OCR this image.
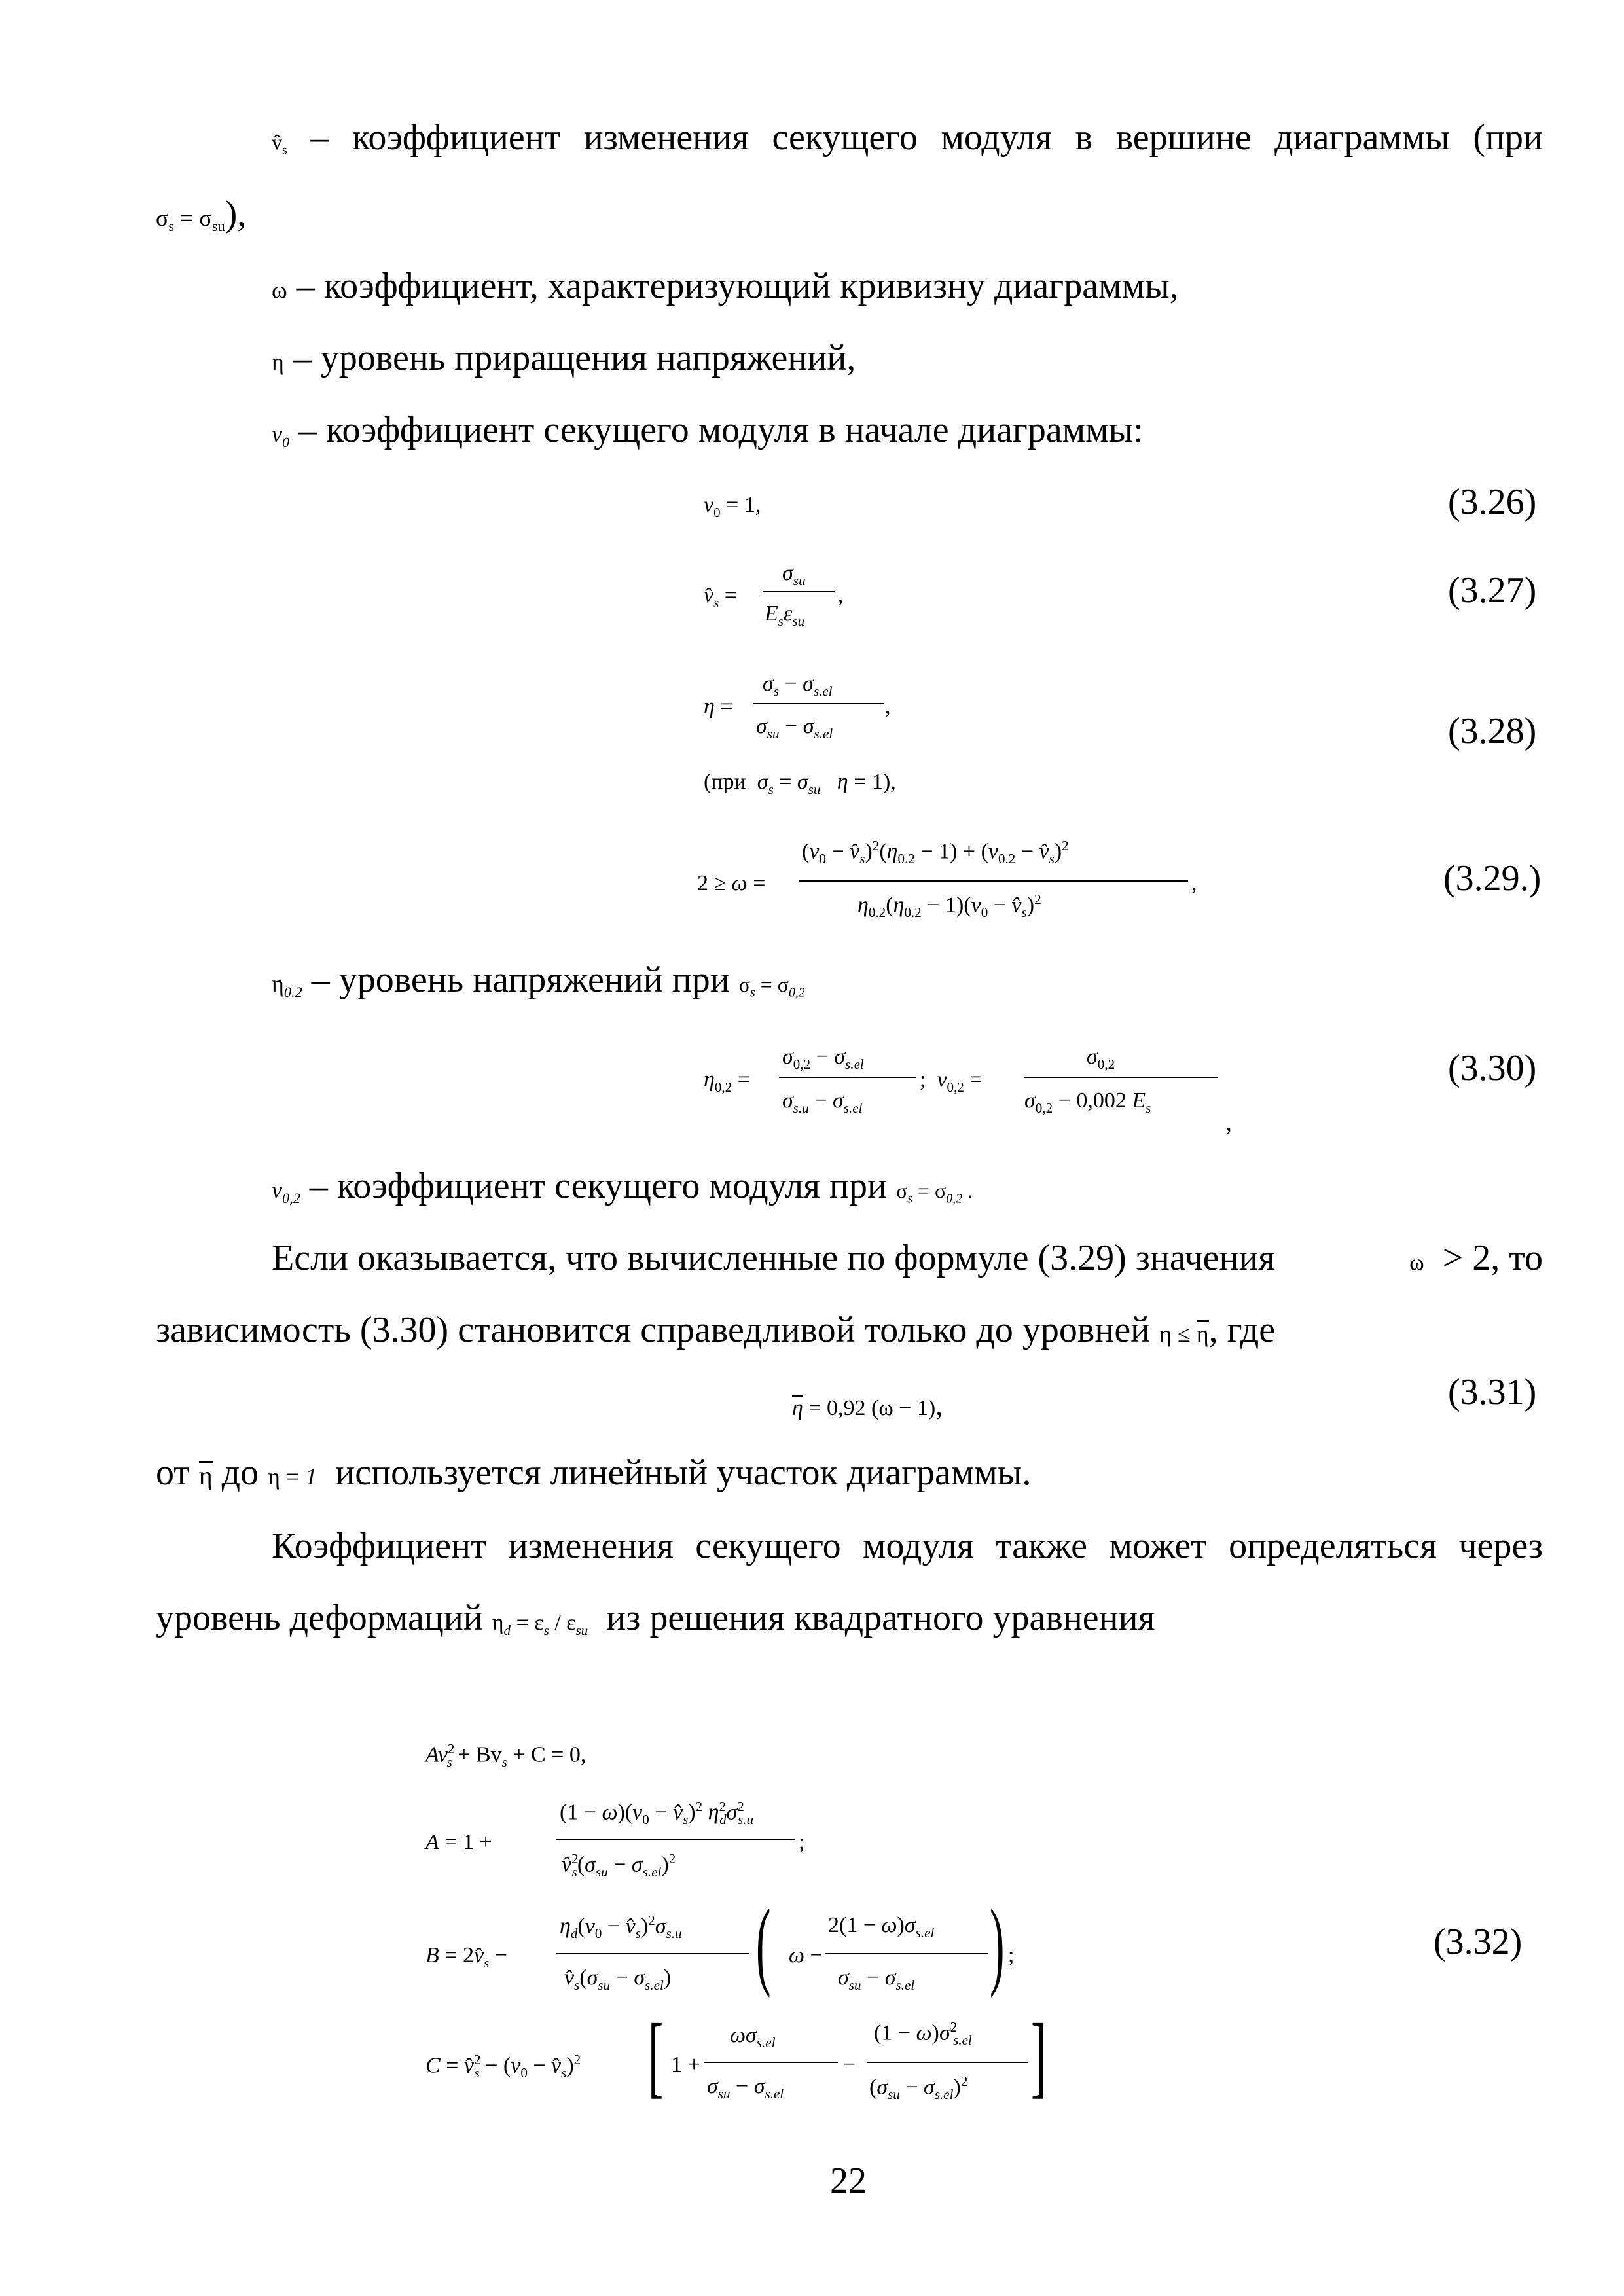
$v̂_s$ – коэффициент изменения секущего модуля в вершине диаграммы (при
$\sigma_s = \sigma_{su}$),
ω – коэффициент, характеризующий кривизну диаграммы,
η – уровень приращения напряжений,
$v_0$ – коэффициент секущего модуля в начале диаграммы:
$v_0 = 1$,	(3.26)
$v̂_s$ =
$\sigma_{su}$
$E_s\varepsilon_{su}$
,	(3.27)
η =
$\sigma_s - \sigma_{s.el}$
$\sigma_{su} - \sigma_{s.el}$
,
(при $\sigma_s = \sigma_{su}$ η = 1),
(3.28)
2 ≥ ω =
($v_0$ − $v̂_s)^2(\eta_{0.2} - 1) + (v_{0.2}$ − $v̂_s)^2$
$\eta_{0.2}(\eta_{0.2} - 1)(v_0$ − $v̂_s)^2$
,	(3.29.)
$\eta_{0.2}$ – уровень напряжений при $\sigma_s = \sigma_{0,2}$
$\eta_{0,2}$ =
$\sigma_{0,2} - \sigma_{s.el}$
$\sigma_{s.u} - \sigma_{s.el}$
;  $v_{0,2}$ =
$\sigma_{0,2}$
$\sigma_{0,2} - 0,002$ $E_s$	,
(3.30)
$v_{0,2}$ – коэффициент секущего модуля при $\sigma_s = \sigma_{0,2}$ .
Если оказывается, что вычисленные по формуле (3.29) значения	ω > 2, то
зависимость (3.30) становится справедливой только до уровней η ≤ η, где
η = 0,92 (ω − 1),	(3.31)
от η до η = 1 используется линейный участок диаграммы.
Коэффициент изменения секущего модуля также может определяться через
уровень деформаций $\eta_d = \varepsilon_s / \varepsilon_{su}$ из решения квадратного уравнения
$Av^2_s + Bv_s + C = 0$,
A = 1 +
$(1 - \omega)(v_0$ − $v̂_s)^2$ $\eta^2_d\sigma^2_{s.u}$
$v̂^2_s(\sigma_{su} - \sigma_{s.el})^2$
;
$B = 2v̂_s$ −
$\eta_d(v_0$ − $v̂_s)^2\sigma_{s.u}$
$v̂_s(\sigma_{su} - \sigma_{s.el})$ ( ω −
$2(1 - \omega)\sigma_{s.el}$
$\sigma_{su} - \sigma_{s.el}$ ) ;	(3.32)
C = v̂$^2_s$ − ($v_0$ − $v̂_s)^2$ [ 1 +
$\omega\sigma_{s.el}$
$\sigma_{su} - \sigma_{s.el}$
−
$(1 - \omega)\sigma^2_{s.el}$
$(\sigma_{su} - \sigma_{s.el})^2$ ]
22
